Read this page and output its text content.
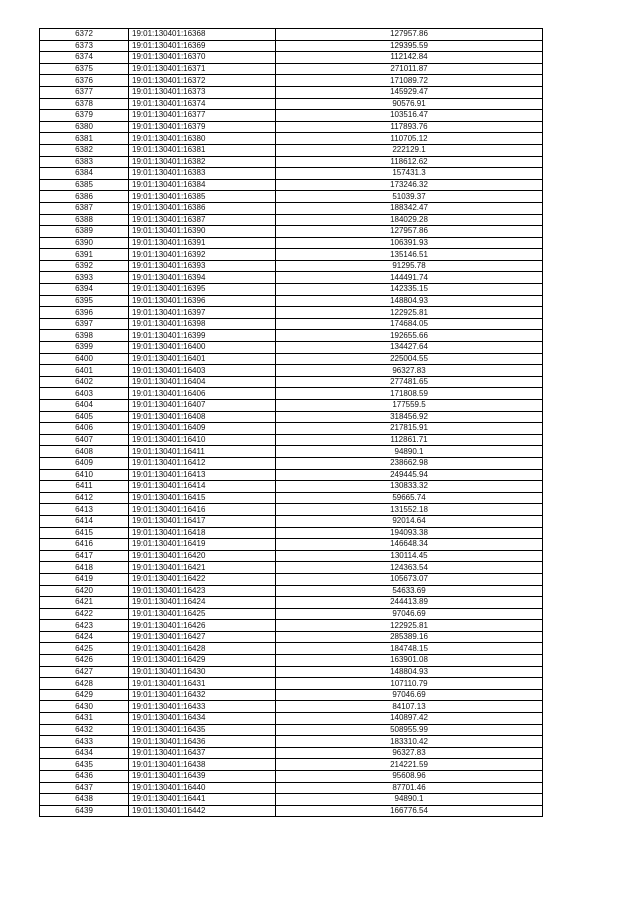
6372	19:01:130401:16368	127957.86
6373	19:01:130401:16369	129395.59
6374	19:01:130401:16370	112142.84
6375	19:01:130401:16371	271011.87
6376	19:01:130401:16372	171089.72
6377	19:01:130401:16373	145929.47
6378	19:01:130401:16374	90576.91
6379	19:01:130401:16377	103516.47
6380	19:01:130401:16379	117893.76
6381	19:01:130401:16380	110705.12
6382	19:01:130401:16381	222129.1
6383	19:01:130401:16382	118612.62
6384	19:01:130401:16383	157431.3
6385	19:01:130401:16384	173246.32
6386	19:01:130401:16385	51039.37
6387	19:01:130401:16386	188342.47
6388	19:01:130401:16387	184029.28
6389	19:01:130401:16390	127957.86
6390	19:01:130401:16391	106391.93
6391	19:01:130401:16392	135146.51
6392	19:01:130401:16393	91295.78
6393	19:01:130401:16394	144491.74
6394	19:01:130401:16395	142335.15
6395	19:01:130401:16396	148804.93
6396	19:01:130401:16397	122925.81
6397	19:01:130401:16398	174684.05
6398	19:01:130401:16399	192655.66
6399	19:01:130401:16400	134427.64
6400	19:01:130401:16401	225004.55
6401	19:01:130401:16403	96327.83
6402	19:01:130401:16404	277481.65
6403	19:01:130401:16406	171808.59
6404	19:01:130401:16407	177559.5
6405	19:01:130401:16408	318456.92
6406	19:01:130401:16409	217815.91
6407	19:01:130401:16410	112861.71
6408	19:01:130401:16411	94890.1
6409	19:01:130401:16412	238662.98
6410	19:01:130401:16413	249445.94
6411	19:01:130401:16414	130833.32
6412	19:01:130401:16415	59665.74
6413	19:01:130401:16416	131552.18
6414	19:01:130401:16417	92014.64
6415	19:01:130401:16418	194093.38
6416	19:01:130401:16419	146648.34
6417	19:01:130401:16420	130114.45
6418	19:01:130401:16421	124363.54
6419	19:01:130401:16422	105673.07
6420	19:01:130401:16423	54633.69
6421	19:01:130401:16424	244413.89
6422	19:01:130401:16425	97046.69
6423	19:01:130401:16426	122925.81
6424	19:01:130401:16427	285389.16
6425	19:01:130401:16428	184748.15
6426	19:01:130401:16429	163901.08
6427	19:01:130401:16430	148804.93
6428	19:01:130401:16431	107110.79
6429	19:01:130401:16432	97046.69
6430	19:01:130401:16433	84107.13
6431	19:01:130401:16434	140897.42
6432	19:01:130401:16435	508955.99
6433	19:01:130401:16436	183310.42
6434	19:01:130401:16437	96327.83
6435	19:01:130401:16438	214221.59
6436	19:01:130401:16439	95608.96
6437	19:01:130401:16440	87701.46
6438	19:01:130401:16441	94890.1
6439	19:01:130401:16442	166776.54
